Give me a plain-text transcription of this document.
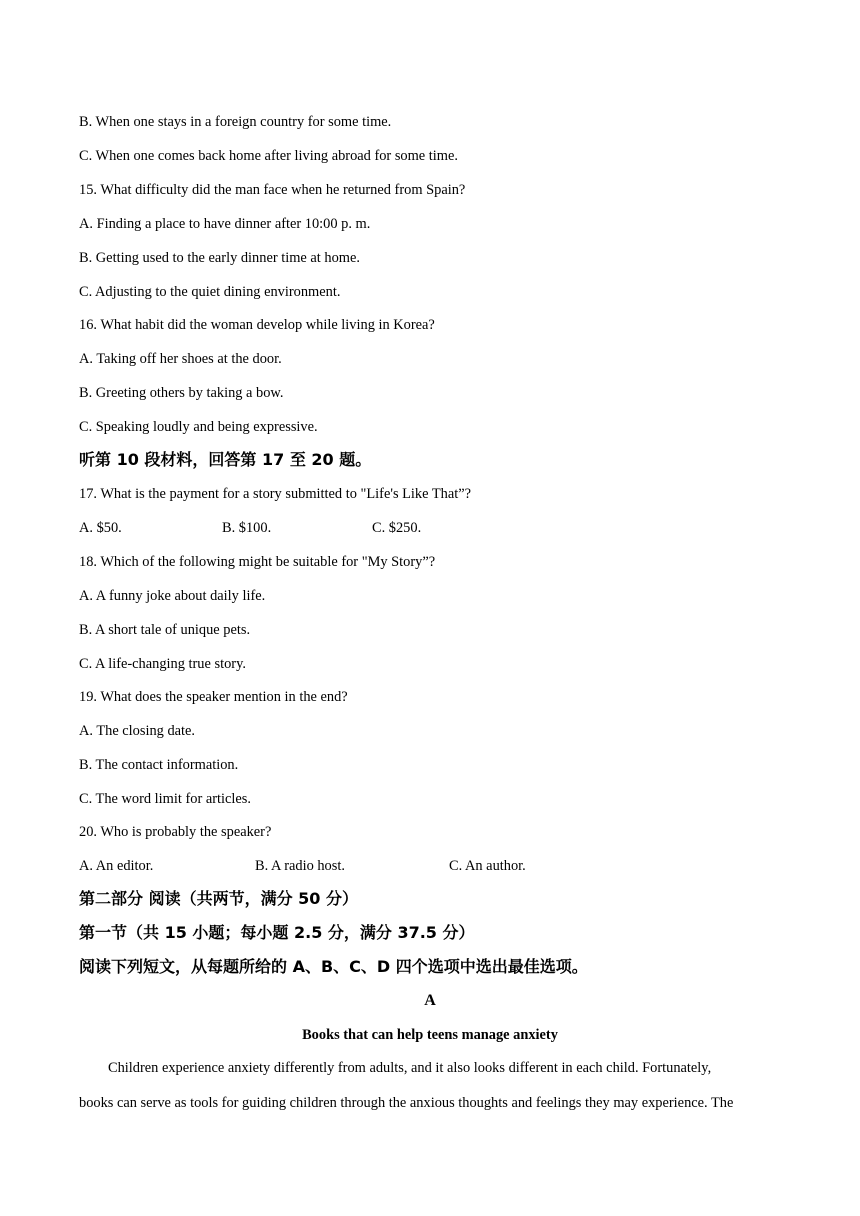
B. When one stays in a foreign country for some time.
C. When one comes back home after living abroad for some time.
15. What difficulty did the man face when he returned from Spain?
A. Finding a place to have dinner after 10:00 p. m.
B. Getting used to the early dinner time at home.
C. Adjusting to the quiet dining environment.
16. What habit did the woman develop while living in Korea?
A. Taking off her shoes at the door.
B. Greeting others by taking a bow.
C. Speaking loudly and being expressive.
听第 10 段材料，回答第 17 至 20 题。
17. What is the payment for a story submitted to "Life's Like That”?
A. $50.	B. $100.	C. $250.
18. Which of the following might be suitable for "My Story”?
A. A funny joke about daily life.
B. A short tale of unique pets.
C. A life-changing true story.
19. What does the speaker mention in the end?
A. The closing date.
B. The contact information.
C. The word limit for articles.
20. Who is probably the speaker?
A. An editor.	B. A radio host.	C. An author.
第二部分 阅读（共两节，满分 50 分）
第一节（共 15 小题；每小题 2.5 分，满分 37.5 分）
阅读下列短文，从每题所给的 A、B、C、D 四个选项中选出最佳选项。
A
Books that can help teens manage anxiety
Children experience anxiety differently from adults, and it also looks different in each child. Fortunately,
books can serve as tools for guiding children through the anxious thoughts and feelings they may experience. The
